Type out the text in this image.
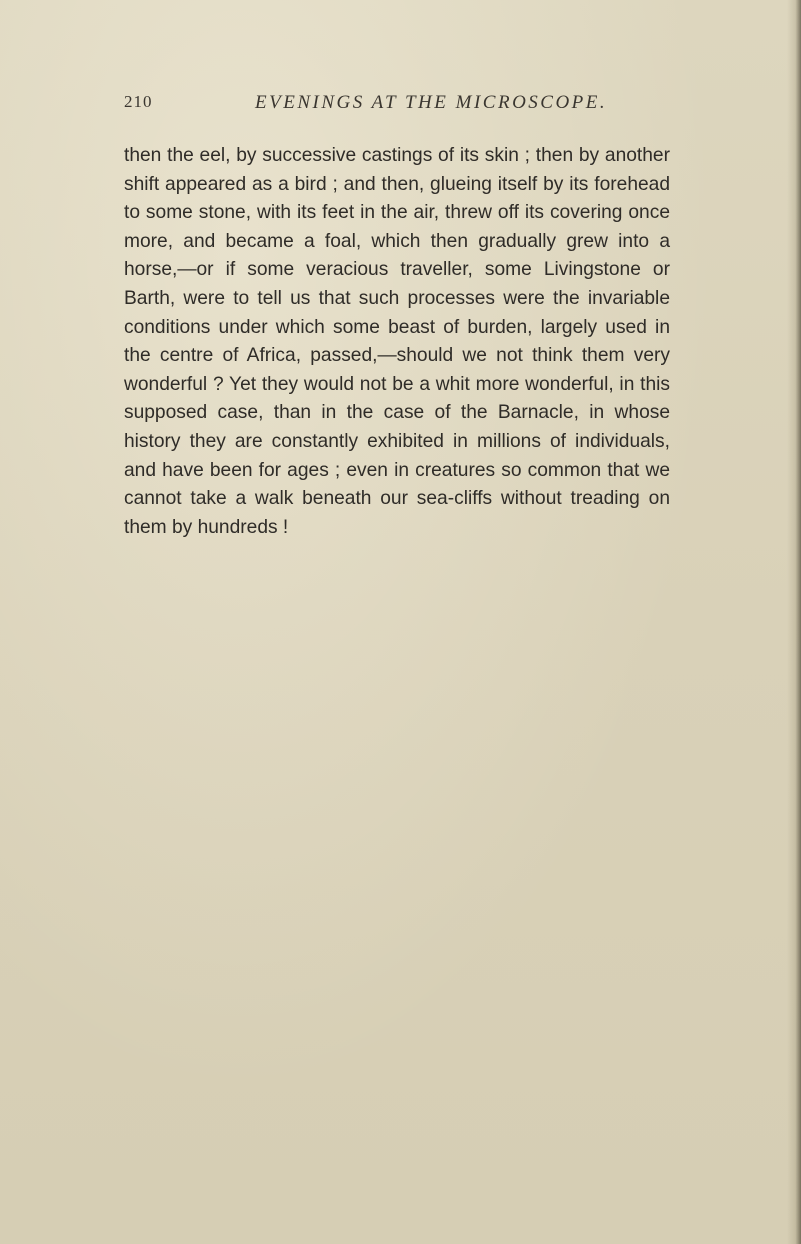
210	EVENINGS AT THE MICROSCOPE.

then the eel, by successive castings of its skin ; then by another shift appeared as a bird ; and then, glueing itself by its forehead to some stone, with its feet in the air, threw off its covering once more, and became a foal, which then gradually grew into a horse,—or if some veracious traveller, some Livingstone or Barth, were to tell us that such processes were the invariable conditions under which some beast of burden, largely used in the centre of Africa, passed,—should we not think them very wonderful ? Yet they would not be a whit more wonderful, in this supposed case, than in the case of the Barnacle, in whose history they are constantly exhibited in millions of individuals, and have been for ages ; even in creatures so common that we cannot take a walk beneath our sea-cliffs without treading on them by hundreds !
